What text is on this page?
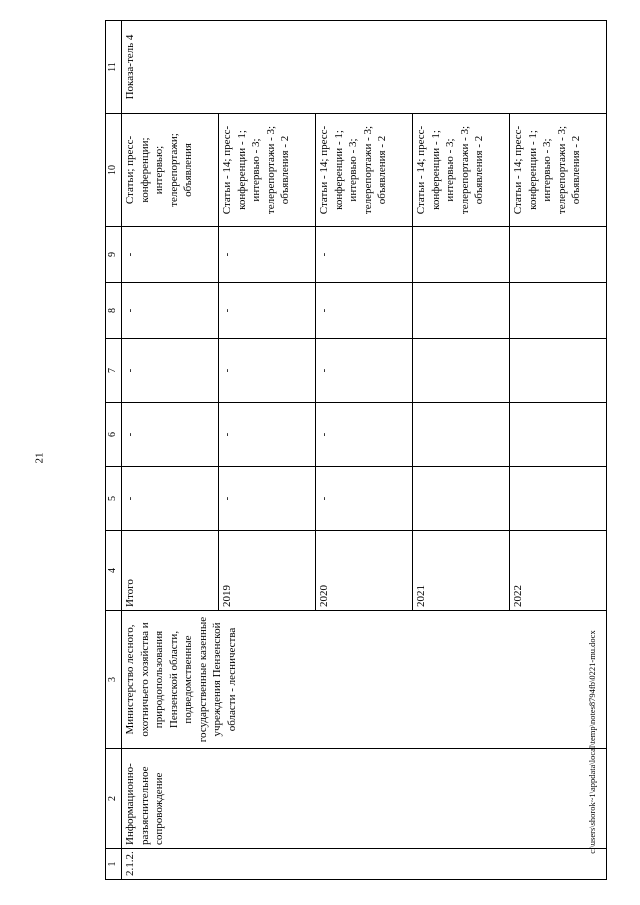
21
c:\users\shorok~1\appdata\local\temp\notes8794fb\0221-mu.docx
1	2	3	4	5	6	7	8	9	10	11
2.1.2.	Информационно-разъяснительное сопровождение	Министерство лесного, охотничьего хозяйства и природопользования Пензенской области, подведомственные государственные казенные учреждения Пензенской области - лесничества	Итого	-	-	-	-	-	Статьи; пресс-конференции; интервью; телерепортажи; объявления	Показа-тель 4
			2019	-	-	-	-	-	Статьи - 14; пресс-конференции - 1; интервью - 3; телерепортажи - 3; объявления - 2	
			2020	-	-	-	-	-	Статьи - 14; пресс-конференции - 1; интервью - 3; телерепортажи - 3; объявления - 2	
			2021						Статьи - 14; пресс-конференции - 1; интервью - 3; телерепортажи - 3; объявления - 2	
			2022						Статьи - 14; пресс-конференции - 1; интервью - 3; телерепортажи - 3; объявления - 2	
